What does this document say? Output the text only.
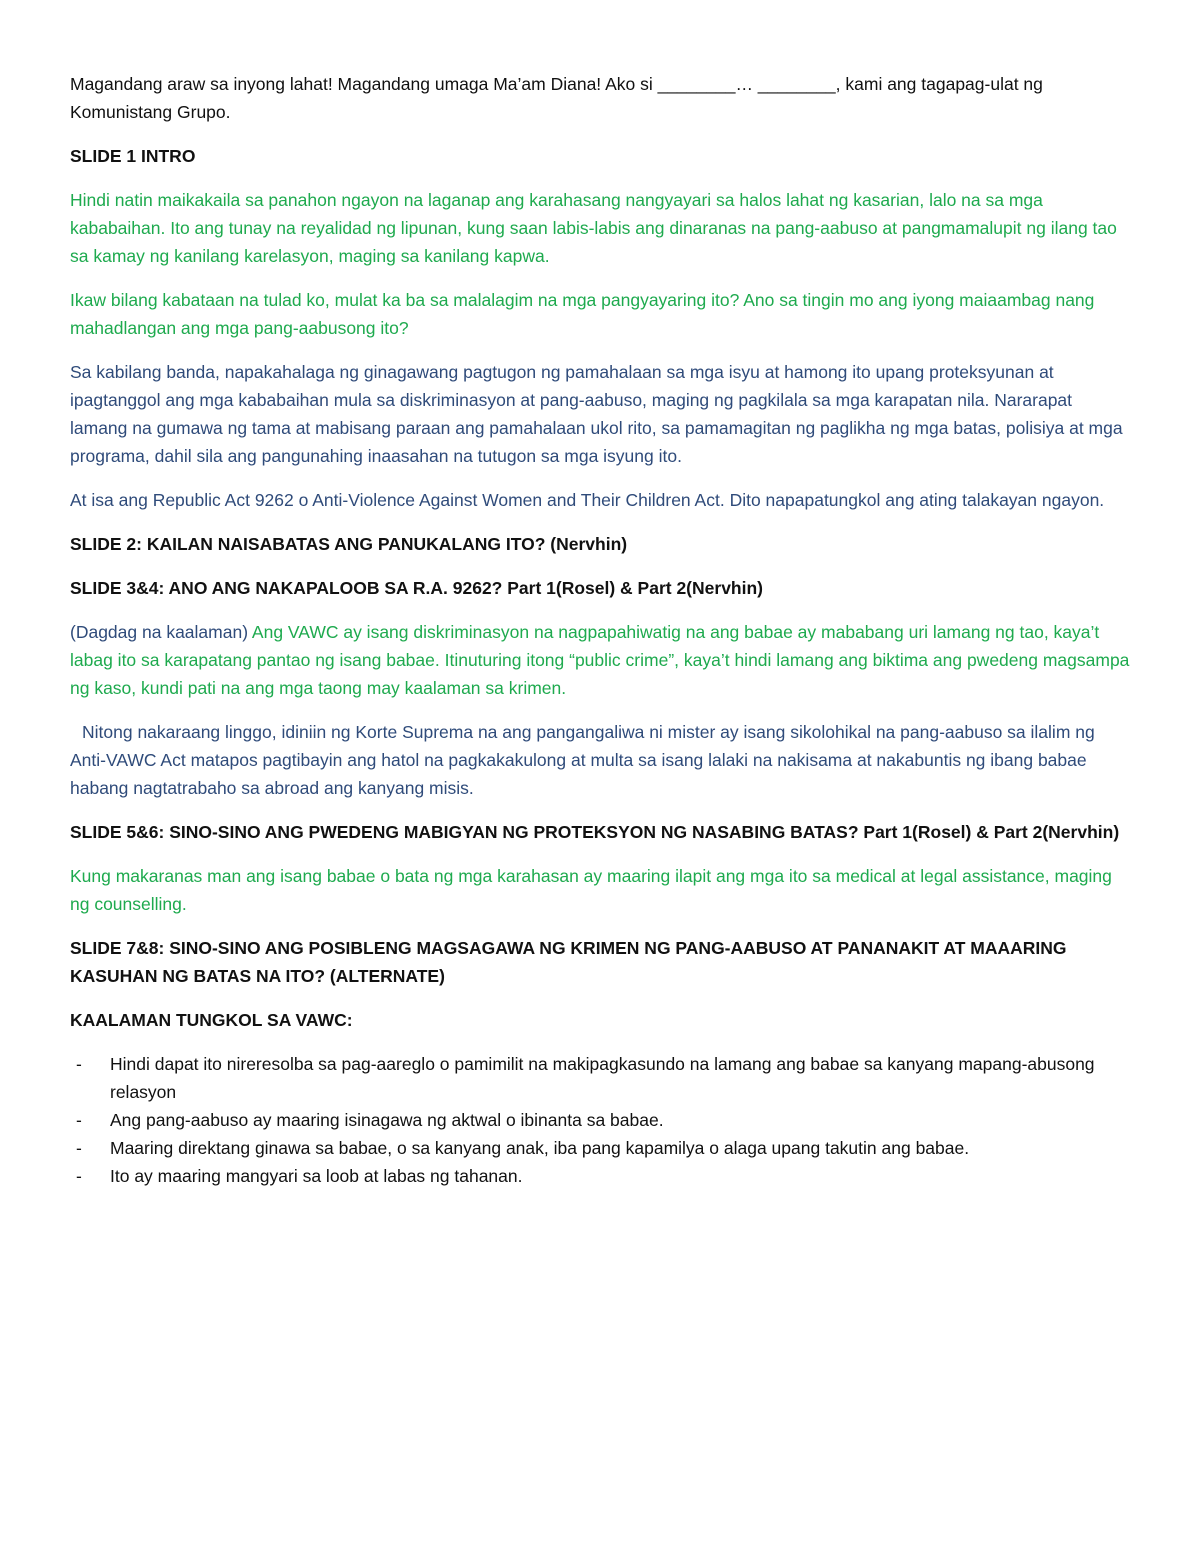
Magandang araw sa inyong lahat! Magandang umaga Ma’am Diana! Ako si ________… ________, kami ang tagapag-ulat ng Komunistang Grupo.

SLIDE 1 INTRO

Hindi natin maikakaila sa panahon ngayon na laganap ang karahasang nangyayari sa halos lahat ng kasarian, lalo na sa mga kababaihan. Ito ang tunay na reyalidad ng lipunan, kung saan labis-labis ang dinaranas na pang-aabuso at pangmamalupit ng ilang tao sa kamay ng kanilang karelasyon, maging sa kanilang kapwa.

Ikaw bilang kabataan na tulad ko, mulat ka ba sa malalagim na mga pangyayaring ito? Ano sa tingin mo ang iyong maiaambag nang mahadlangan ang mga pang-aabusong ito?

Sa kabilang banda, napakahalaga ng ginagawang pagtugon ng pamahalaan sa mga isyu at hamong ito upang proteksyunan at ipagtanggol ang mga kababaihan mula sa diskriminasyon at pang-aabuso, maging ng pagkilala sa mga karapatan nila. Nararapat lamang na gumawa ng tama at mabisang paraan ang pamahalaan ukol rito, sa pamamagitan ng paglikha ng mga batas, polisiya at mga programa, dahil sila ang pangunahing inaasahan na tutugon sa mga isyung ito.

At isa ang Republic Act 9262 o Anti-Violence Against Women and Their Children Act. Dito napapatungkol ang ating talakayan ngayon.

SLIDE 2: KAILAN NAISABATAS ANG PANUKALANG ITO? (Nervhin)

SLIDE 3&4: ANO ANG NAKAPALOOB SA R.A. 9262? Part 1(Rosel) & Part 2(Nervhin)

(Dagdag na kaalaman) Ang VAWC ay isang diskriminasyon na nagpapahiwatig na ang babae ay mababang uri lamang ng tao, kaya’t labag ito sa karapatang pantao ng isang babae. Itinuturing itong “public crime”, kaya’t hindi lamang ang biktima ang pwedeng magsampa ng kaso, kundi pati na ang mga taong may kaalaman sa krimen.

Nitong nakaraang linggo, idiniin ng Korte Suprema na ang pangangaliwa ni mister ay isang sikolohikal na pang-aabuso sa ilalim ng Anti-VAWC Act matapos pagtibayin ang hatol na pagkakakulong at multa sa isang lalaki na nakisama at nakabuntis ng ibang babae habang nagtatrabaho sa abroad ang kanyang misis.

SLIDE 5&6: SINO-SINO ANG PWEDENG MABIGYAN NG PROTEKSYON NG NASABING BATAS? Part 1(Rosel) & Part 2(Nervhin)

Kung makaranas man ang isang babae o bata ng mga karahasan ay maaring ilapit ang mga ito sa medical at legal assistance, maging ng counselling.

SLIDE 7&8: SINO-SINO ANG POSIBLENG MAGSAGAWA NG KRIMEN NG PANG-AABUSO AT PANANAKIT AT MAAARING KASUHAN NG BATAS NA ITO? (ALTERNATE)

KAALAMAN TUNGKOL SA VAWC:

- Hindi dapat ito nireresolba sa pag-aareglo o pamimilit na makipagkasundo na lamang ang babae sa kanyang mapang-abusong relasyon
- Ang pang-aabuso ay maaring isinagawa ng aktwal o ibinanta sa babae.
- Maaring direktang ginawa sa babae, o sa kanyang anak, iba pang kapamilya o alaga upang takutin ang babae.
- Ito ay maaring mangyari sa loob at labas ng tahanan.
